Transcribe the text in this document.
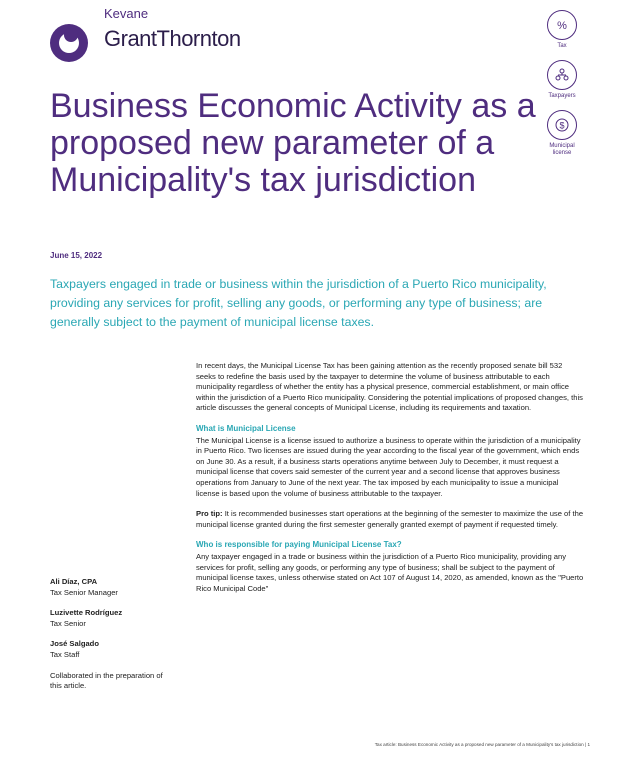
Kevane
GrantThornton	%
Tax
Taxpayers
$
Municipal license
Business Economic Activity as a proposed new parameter of a Municipality's tax jurisdiction
June 15, 2022

Taxpayers engaged in trade or business within the jurisdiction of a Puerto Rico municipality, providing any services for profit, selling any goods, or performing any type of business; are generally subject to the payment of municipal license taxes.

In recent days, the Municipal License Tax has been gaining attention as the recently proposed senate bill 532 seeks to redefine the basis used by the taxpayer to determine the volume of business attributable to each municipality regardless of whether the entity has a physical presence, commercial establishment, or main office within the jurisdiction of a Puerto Rico municipality. Considering the potential implications of proposed changes, this article discusses the general concepts of Municipal License, including its requirements and taxation.

What is Municipal License

The Municipal License is a license issued to authorize a business to operate within the jurisdiction of a municipality in Puerto Rico. Two licenses are issued during the year according to the fiscal year of the government, which ends on June 30. As a result, if a business starts operations anytime between July to December, it must request a municipal license that covers said semester of the current year and a second license that approves business operations from January to June of the next year. The tax imposed by each municipality to issue a municipal license is based upon the volume of business attributable to the taxpayer.

Pro tip: It is recommended businesses start operations at the beginning of the semester to maximize the use of the municipal license granted during the first semester generally granted exempt of payment if requested timely.

Who is responsible for paying Municipal License Tax?

Any taxpayer engaged in a trade or business within the jurisdiction of a Puerto Rico municipality, providing any services for profit, selling any goods, or performing any type of business; shall be subject to the payment of municipal license taxes, unless otherwise stated on Act 107 of August 14, 2020, as amended, known as the "Puerto Rico Municipal Code"

Ali Díaz, CPA
Tax Senior Manager
Luzivette Rodríguez
Tax Senior
José Salgado
Tax Staff
Collaborated in the preparation of this article.
Tax article: Business Economic Activity as a proposed new parameter of a Municipality's tax jurisdiction | 1
